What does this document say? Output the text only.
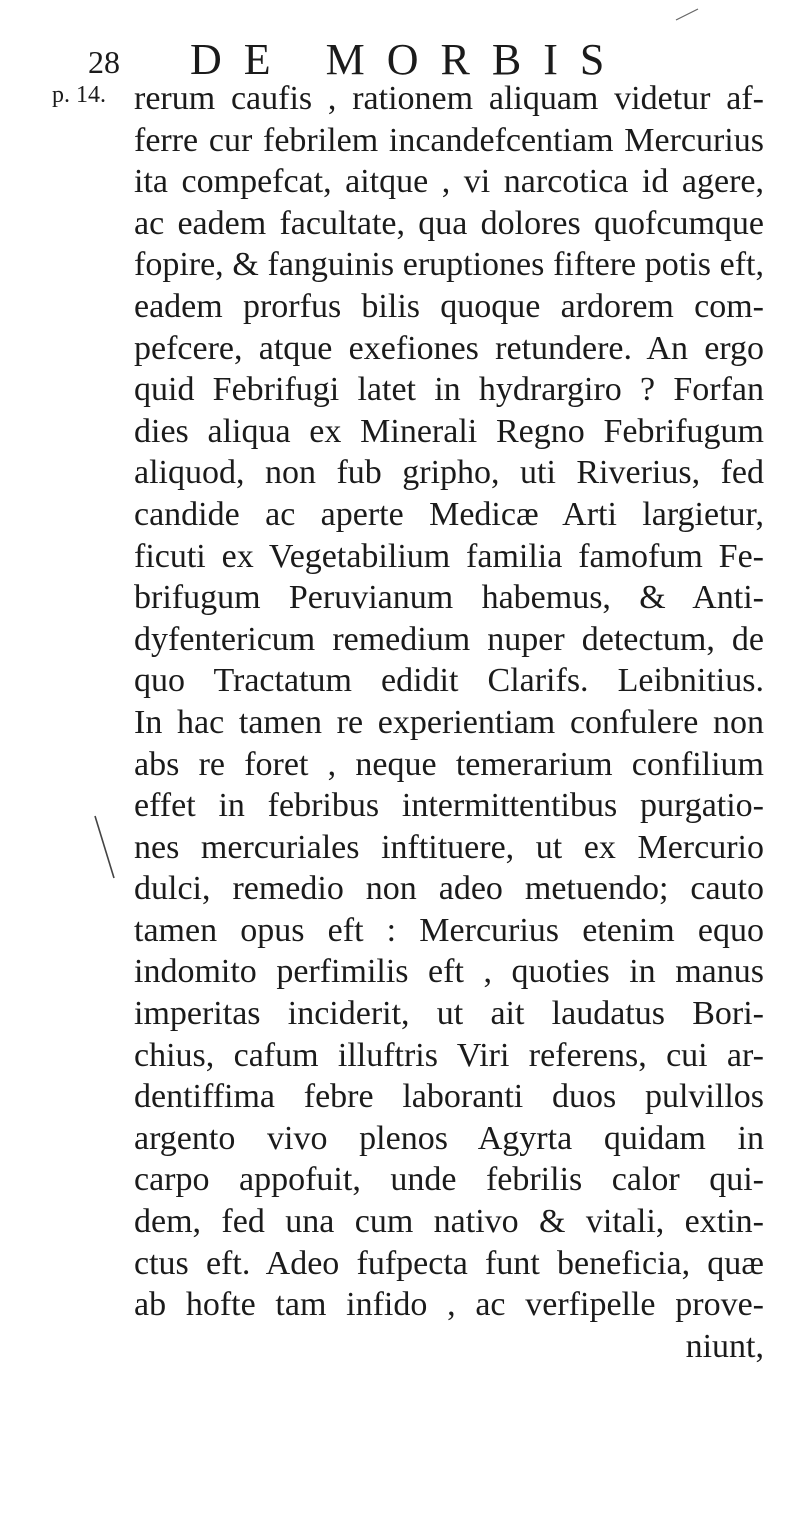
28 DE MORBIS
p. 14. rerum caufis , rationem aliquam videtur af-
ferre cur febrilem incandefcentiam Mercurius
ita compefcat, aitque , vi narcotica id agere,
ac eadem facultate, qua dolores quofcumque
fopire, & fanguinis eruptiones fiftere potis eft,
eadem prorfus bilis quoque ardorem com-
pefcere, atque exefiones retundere. An ergo
quid Febrifugi latet in hydrargiro ? Forfan
dies aliqua ex Minerali Regno Febrifugum
aliquod, non fub gripho, uti Riverius, fed
candide ac aperte Medicæ Arti largietur,
ficuti ex Vegetabilium familia famofum Fe-
brifugum Peruvianum habemus, & Anti-
dyfentericum remedium nuper detectum, de
quo Tractatum edidit Clarifs. Leibnitius.
In hac tamen re experientiam confulere non
abs re foret , neque temerarium confilium
effet in febribus intermittentibus purgatio-
nes mercuriales inftituere, ut ex Mercurio
dulci, remedio non adeo metuendo; cauto
tamen opus eft : Mercurius etenim equo
indomito perfimilis eft , quoties in manus
imperitas inciderit, ut ait laudatus Bori-
chius, cafum illuftris Viri referens, cui ar-
dentiffima febre laboranti duos pulvillos
argento vivo plenos Agyrta quidam in
carpo appofuit, unde febrilis calor qui-
dem, fed una cum nativo & vitali, extin-
ctus eft. Adeo fufpecta funt beneficia, quæ
ab hofte tam infido , ac verfipelle prove-
niunt,
